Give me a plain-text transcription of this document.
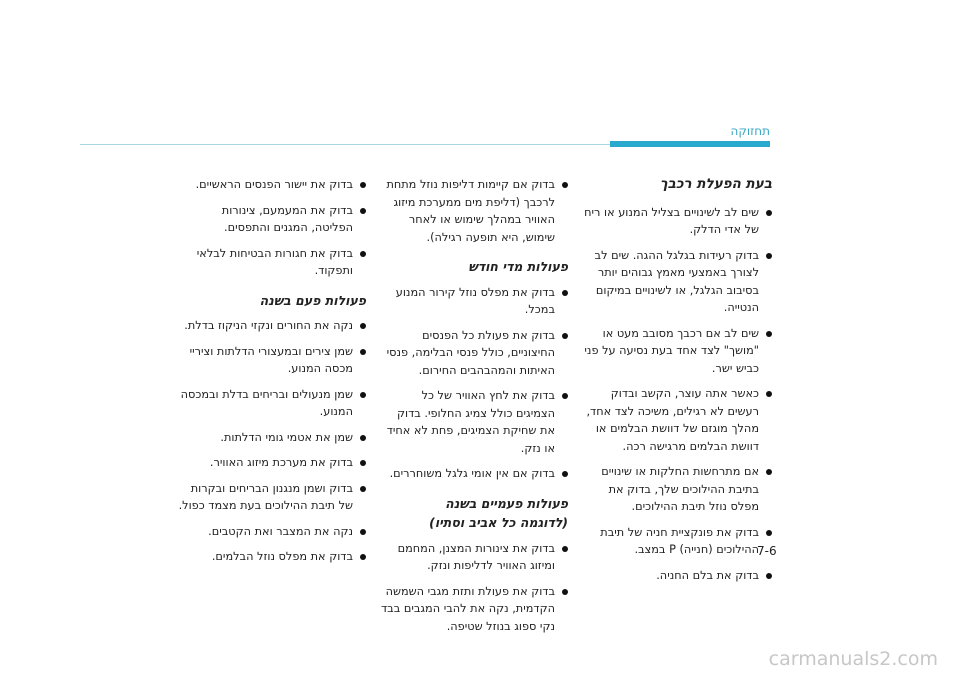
תחזוקה
בעת הפעלת רכבך
שים לב לשינויים בצליל המנוע או ריח של אדי הדלק.
בדוק רעידות בגלגל ההגה. שים לב לצורך באמצעי מאמץ גבוהים יותר בסיבוב הגלגל, או לשינויים במיקום הנטייה.
שים לב אם רכבך מסובב מעט או "מושך" לצד אחד בעת נסיעה על פני כביש ישר.
כאשר אתה עוצר, הקשב ובדוק רעשים לא רגילים, משיכה לצד אחד, מהלך מוגזם של דוושת הבלמים או דוושת הבלמים מרגישה רכה.
אם מתרחשות החלקות או שינויים בתיבת ההילוכים שלך, בדוק את מפלס נוזל תיבת ההילוכים.
בדוק את פונקציית חניה של תיבת ההילוכים (חנייה) P במצב.
בדוק את בלם החניה.
בדוק אם קיימות דליפות נוזל מתחת לרכבך (דליפת מים ממערכת מיזוג האוויר במהלך שימוש או לאחר שימוש, היא תופעה רגילה).
פעולות מדי חודש
בדוק את מפלס נוזל קירור המנוע במכל.
בדוק את פעולת כל הפנסים החיצוניים, כולל פנסי הבלימה, פנסי האיתות והמהבהבים החירום.
בדוק את לחץ האוויר של כל הצמיגים כולל צמיג החלופי. בדוק את שחיקת הצמיגים, פחת לא אחיד או נזק.
בדוק אם אין אומי גלגל משוחררים.
פעולות פעמיים בשנה
(לדוגמה כל אביב וסתיו)
בדוק את צינורות המצנן, המחמם ומיזוג האוויר לדליפות ונזק.
בדוק את פעולת ותזת מגבי השמשה הקדמית, נקה את להבי המגבים בבד נקי ספוג בנוזל שטיפה.
בדוק את יישור הפנסים הראשיים.
בדוק את המעמעם, צינורות הפליטה, המגנים והתפסים.
בדוק את חגורות הבטיחות לבלאי ותפקוד.
פעולות פעם בשנה
נקה את החורים ונקזי הניקוז בדלת.
שמן צירים ובמעצורי הדלתות וציריי מכסה המנוע.
שמן מנעולים ובריחים בדלת ובמכסה המנוע.
שמן את אטמי גומי הדלתות.
בדוק את מערכת מיזוג האוויר.
בדוק ושמן מנגנון הבריחים ובקרות של תיבת ההילוכים בעת מצמד כפול.
נקה את המצבר ואת הקטבים.
בדוק את מפלס נוזל הבלמים.	7-6
carmanuals2.com
